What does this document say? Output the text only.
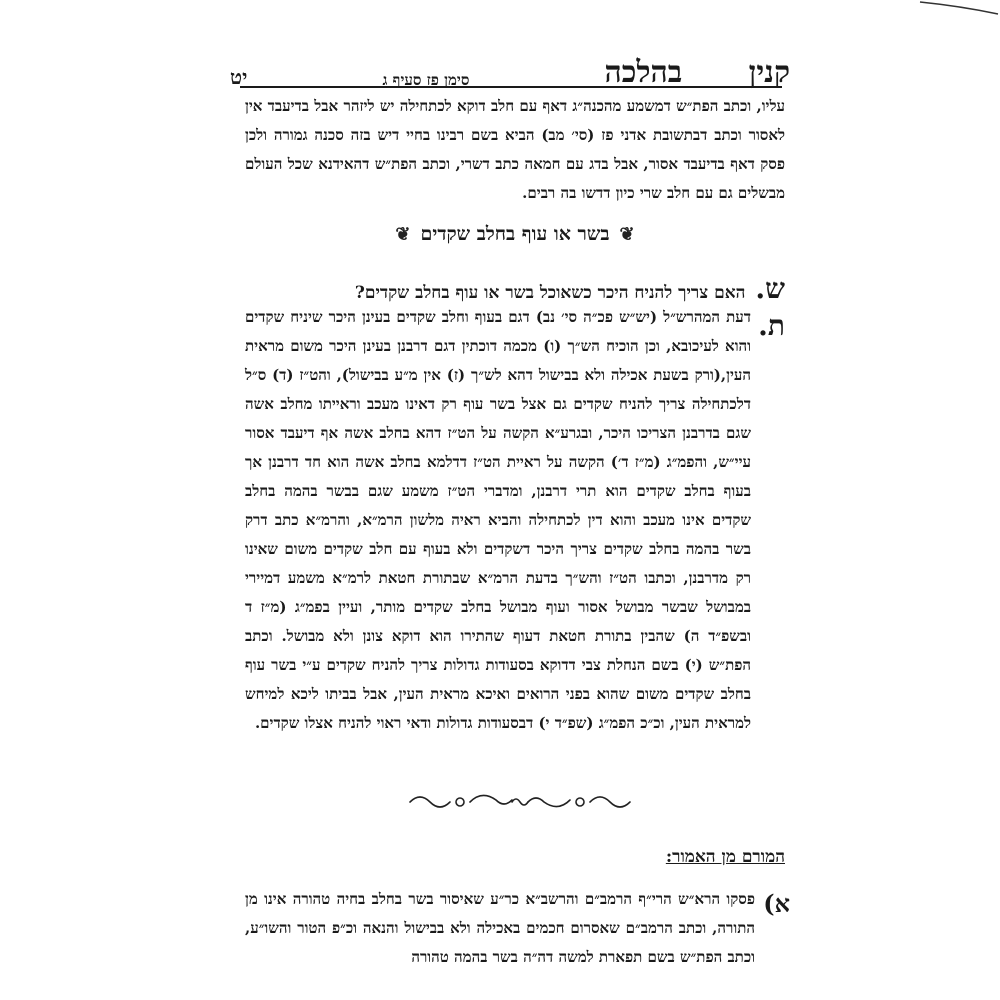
קנין בהלכה
סימן פז סעיף ג
יט
עליו, וכתב הפת״ש דמשמע מהכנה״ג דאף עם חלב דוקא לכתחילה יש ליזהר אבל בדיעבד אין לאסור וכתב דבתשובת אדני פז (סי׳ מב) הביא בשם רבינו בחיי דיש בזה סכנה גמורה ולכן פסק דאף בדיעבד אסור, אבל בדג עם חמאה כתב דשרי, וכתב הפת״ש דהאידנא שכל העולם מבשלים גם עם חלב שרי כיון דדשו בה רבים.
❦
בשר או עוף בחלב שקדים
❦
ש.
האם צריך להניח היכר כשאוכל בשר או עוף בחלב שקדים?
ת.
דעת המהרש״ל (יש״ש פכ״ה סי׳ נב) דגם בעוף וחלב שקדים בעינן היכר שיניח שקדים והוא לעיכובא, וכן הוכיח הש״ך (ו) מכמה דוכתין דגם דרבנן בעינן היכר משום מראית העין,(ורק בשעת אכילה ולא בבישול דהא לש״ך (ז) אין מ״ע בבישול), והט״ז (ד) ס״ל דלכתחילה צריך להניח שקדים גם אצל בשר עוף רק דאינו מעכב וראייתו מחלב אשה שגם בדרבנן הצריכו היכר, ובגרע״א הקשה על הט״ז דהא בחלב אשה אף דיעבד אסור עיי״ש, והפמ״ג (מ״ז ד׳) הקשה על ראיית הט״ז דדלמא בחלב אשה הוא חד דרבנן אך בעוף בחלב שקדים הוא תרי דרבנן, ומדברי הט״ז משמע שגם בבשר בהמה בחלב שקדים אינו מעכב והוא דין לכתחילה והביא ראיה מלשון הרמ״א, והרמ״א כתב דרק בשר בהמה בחלב שקדים צריך היכר דשקדים ולא בעוף עם חלב שקדים משום שאינו רק מדרבנן, וכתבו הט״ז והש״ך בדעת הרמ״א שבתורת חטאת לרמ״א משמע דמיירי במבושל שבשר מבושל אסור ועוף מבושל בחלב שקדים מותר, ועיין בפמ״ג (מ״ז ד ובשפ״ד ה) שהבין בתורת חטאת דעוף שהתירו הוא דוקא צונן ולא מבושל. וכתב הפת״ש (י) בשם הנחלת צבי דדוקא בסעודות גדולות צריך להניח שקדים ע״י בשר עוף בחלב שקדים משום שהוא בפני הרואים ואיכא מראית העין, אבל בביתו ליכא למיחש למראית העין, וכ״כ הפמ״ג (שפ״ד י) דבסעודות גדולות ודאי ראוי להניח אצלו שקדים.
המורם מן האמור:
א)
פסקו הרא״ש הרי״ף הרמב״ם והרשב״א כר״ע שאיסור בשר בחלב בחיה טהורה אינו מן התורה, וכתב הרמב״ם שאסרום חכמים באכילה ולא בבישול והנאה וכ״פ הטור והשו״ע, וכתב הפת״ש בשם תפארת למשה דה״ה בשר בהמה טהורה
